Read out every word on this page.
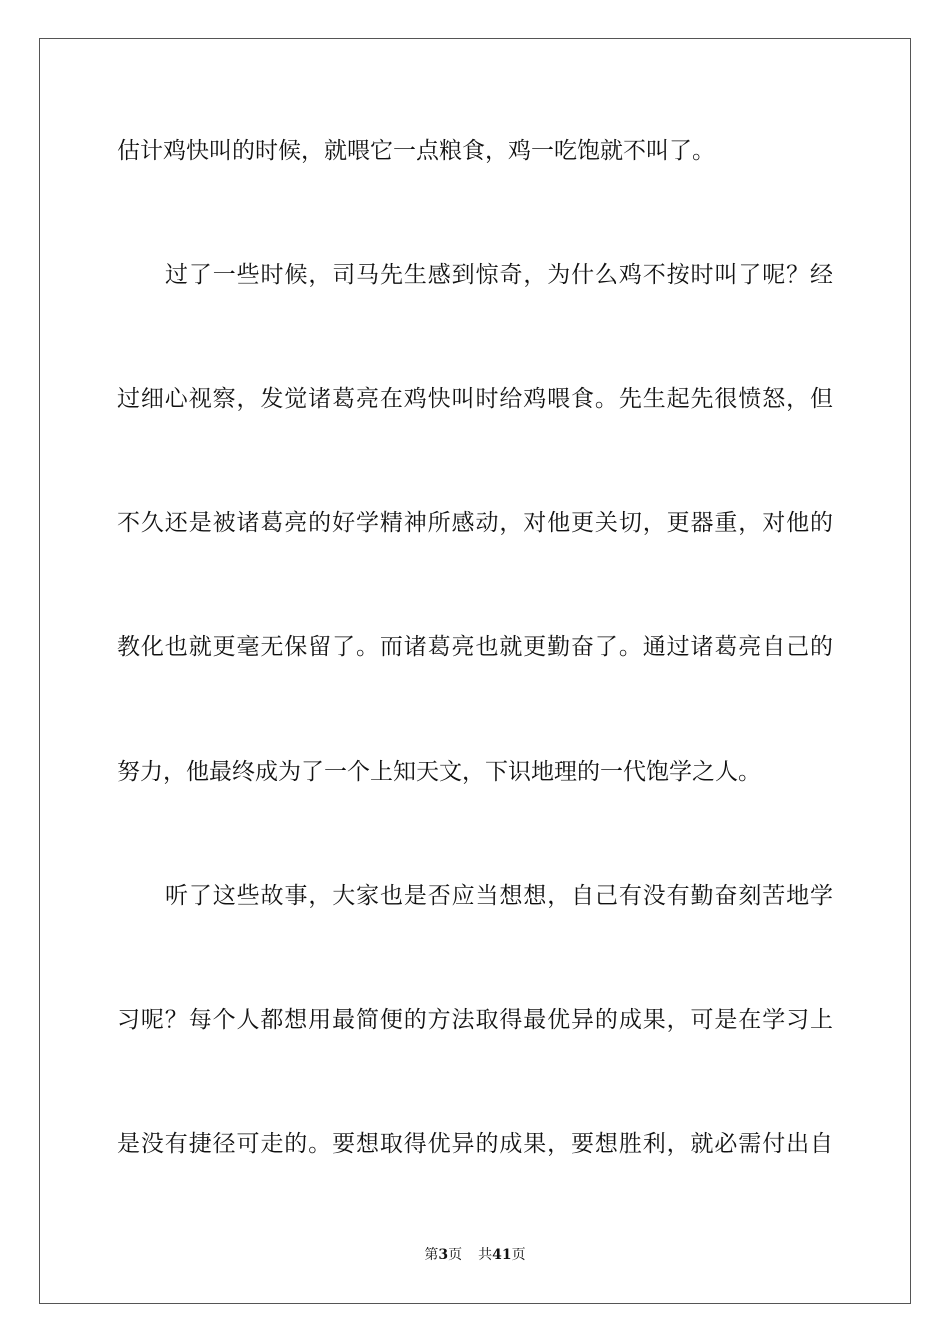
估计鸡快叫的时候，就喂它一点粮食，鸡一吃饱就不叫了。
过了一些时候，司马先生感到惊奇，为什么鸡不按时叫了呢？经
过细心视察，发觉诸葛亮在鸡快叫时给鸡喂食。先生起先很愤怒，但
不久还是被诸葛亮的好学精神所感动，对他更关切，更器重，对他的
教化也就更毫无保留了。而诸葛亮也就更勤奋了。通过诸葛亮自己的
努力，他最终成为了一个上知天文，下识地理的一代饱学之人。
听了这些故事，大家也是否应当想想，自己有没有勤奋刻苦地学
习呢？每个人都想用最简便的方法取得最优异的成果，可是在学习上
是没有捷径可走的。要想取得优异的成果，要想胜利，就必需付出自
第3页 共41页
